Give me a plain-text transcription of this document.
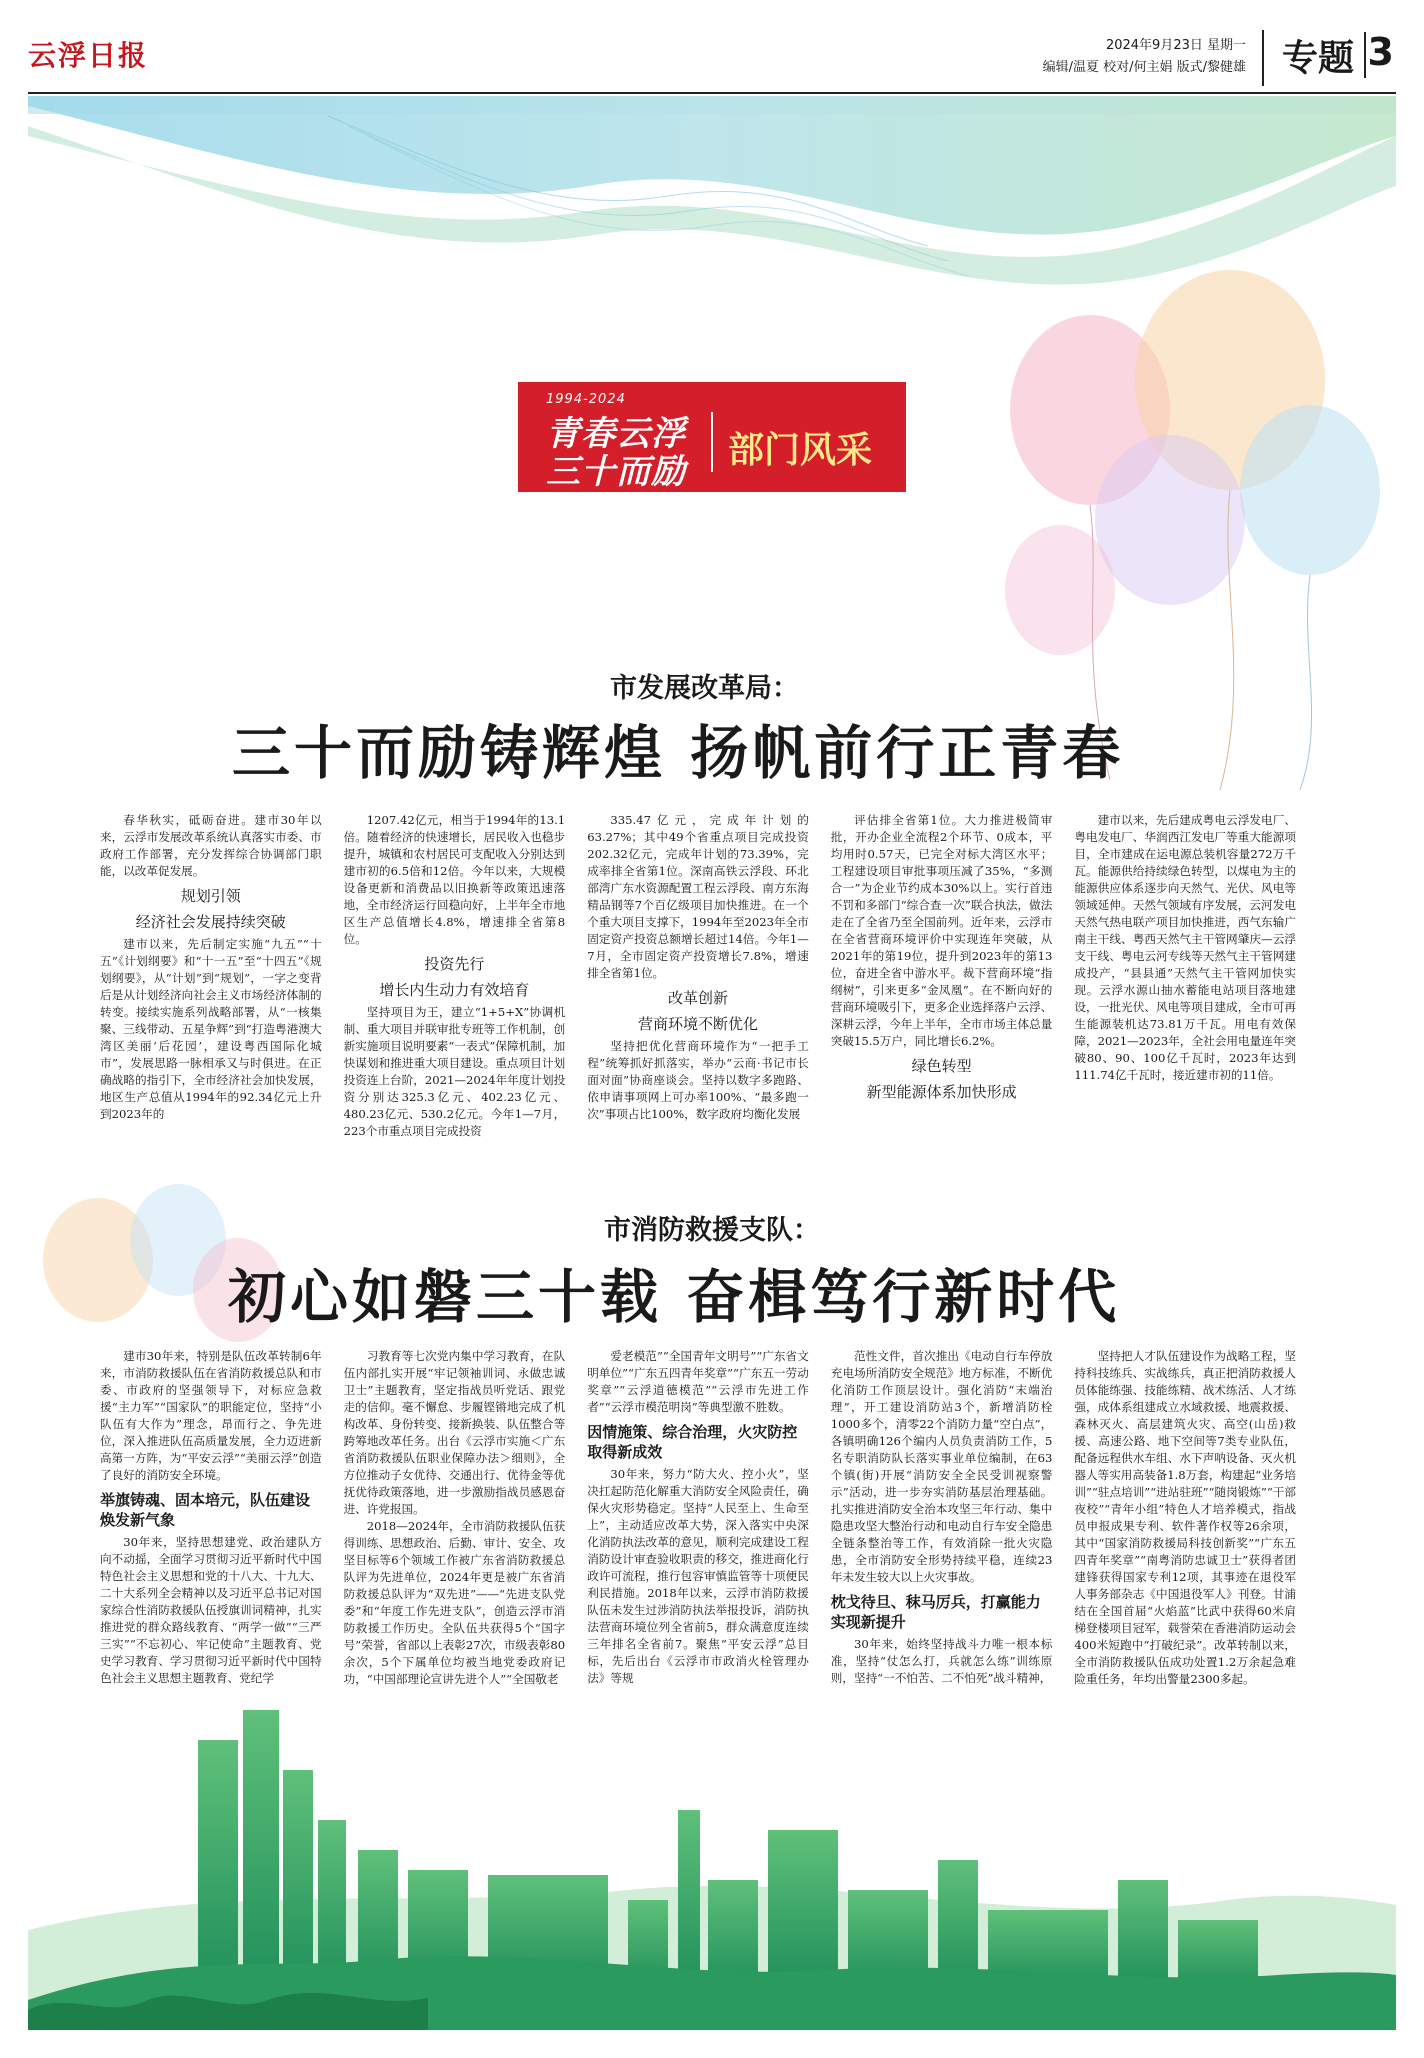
云浮日报	2024年9月23日 星期一
编辑/温夏 校对/何主娟 版式/黎健雄 专题 3
1994-2024
青春云浮
三十而励
部门风采
市发展改革局：
三十而励铸辉煌 扬帆前行正青春

春华秋实，砥砺奋进。建市30年以来，云浮市发展改革系统认真落实市委、市政府工作部署，充分发挥综合协调部门职能，以改革促发展。

规划引领
经济社会发展持续突破

建市以来，先后制定实施“九五”“十五”《计划纲要》和“十一五”至“十四五”《规划纲要》，从“计划”到“规划”，一字之变背后是从计划经济向社会主义市场经济体制的转变。接续实施系列战略部署，从“一核集聚、三线带动、五星争辉”到“打造粤港澳大湾区美丽‘后花园’，建设粤西国际化城市”，发展思路一脉相承又与时俱进。在正确战略的指引下，全市经济社会加快发展，地区生产总值从1994年的92.34亿元上升到2023年的

1207.42亿元，相当于1994年的13.1倍。随着经济的快速增长，居民收入也稳步提升，城镇和农村居民可支配收入分别达到建市初的6.5倍和12倍。今年以来，大规模设备更新和消费品以旧换新等政策迅速落地，全市经济运行回稳向好，上半年全市地区生产总值增长4.8%，增速排全省第8位。

投资先行
增长内生动力有效培育

坚持项目为王，建立“1+5+X”协调机制、重大项目并联审批专班等工作机制，创新实施项目说明要素“一表式”保障机制，加快谋划和推进重大项目建设。重点项目计划投资连上台阶，2021—2024年年度计划投资分别达325.3亿元、402.23亿元、480.23亿元、530.2亿元。今年1—7月，223个市重点项目完成投资

335.47亿元，完成年计划的63.27%；其中49个省重点项目完成投资202.32亿元，完成年计划的73.39%，完成率排全省第1位。深南高铁云浮段、环北部湾广东水资源配置工程云浮段、南方东海精品钢等7个百亿级项目加快推进。在一个个重大项目支撑下，1994年至2023年全市固定资产投资总额增长超过14倍。今年1—7月，全市固定资产投资增长7.8%，增速排全省第1位。

改革创新
营商环境不断优化

坚持把优化营商环境作为“一把手工程”统筹抓好抓落实，举办“云商·书记市长面对面”协商座谈会。坚持以数字多跑路、依申请事项网上可办率100%、“最多跑一次”事项占比100%，数字政府均衡化发展

评估排全省第1位。大力推进极简审批，开办企业全流程2个环节、0成本，平均用时0.57天，已完全对标大湾区水平；工程建设项目审批事项压减了35%，“多测合一”为企业节约成本30%以上。实行首违不罚和多部门“综合查一次”联合执法，做法走在了全省乃至全国前列。近年来，云浮市在全省营商环境评价中实现连年突破，从2021年的第19位，提升到2023年的第13位，奋进全省中游水平。裁下营商环境“指纲树”，引来更多“金凤凰”。在不断向好的营商环境吸引下，更多企业选择落户云浮、深耕云浮，今年上半年，全市市场主体总量突破15.5万户，同比增长6.2%。

绿色转型
新型能源体系加快形成

建市以来，先后建成粤电云浮发电厂、粤电发电厂、华润西江发电厂等重大能源项目，全市建成在运电源总装机容量272万千瓦。能源供给持续绿色转型，以煤电为主的能源供应体系逐步向天然气、光伏、风电等领域延伸。天然气领域有序发展，云河发电天然气热电联产项目加快推进，西气东输广南主干线、粤西天然气主干管网肇庆—云浮支干线、粤电云河专线等天然气主干管网建成投产，“县县通”天然气主干管网加快实现。云浮水源山抽水蓄能电站项目落地建设，一批光伏、风电等项目建成，全市可再生能源装机达73.81万千瓦。用电有效保障，2021—2023年，全社会用电量连年突破80、90、100亿千瓦时，2023年达到111.74亿千瓦时，接近建市初的11倍。

市消防救援支队：
初心如磐三十载 奋楫笃行新时代

建市30年来，特别是队伍改革转制6年来，市消防救援队伍在省消防救援总队和市委、市政府的坚强领导下，对标应急救援“主力军”“国家队”的职能定位，坚持“小队伍有大作为”理念，昂而行之、争先进位，深入推进队伍高质量发展，全力迈进新高第一方阵，为“平安云浮”“美丽云浮”创造了良好的消防安全环境。

举旗铸魂、固本培元，队伍建设焕发新气象

30年来，坚持思想建党、政治建队方向不动摇，全面学习贯彻习近平新时代中国特色社会主义思想和党的十八大、十九大、二十大系列全会精神以及习近平总书记对国家综合性消防救援队伍授旗训词精神，扎实推进党的群众路线教育、“两学一做”“三严三实”“不忘初心、牢记使命”主题教育、党史学习教育、学习贯彻习近平新时代中国特色社会主义思想主题教育、党纪学

习教育等七次党内集中学习教育，在队伍内部扎实开展“牢记领袖训词、永做忠诚卫士”主题教育，坚定指战员听党话、跟党走的信仰。毫不懈怠、步履铿锵地完成了机构改革、身份转变、接新换装、队伍整合等跨筹地改革任务。出台《云浮市实施＜广东省消防救援队伍职业保障办法＞细则》，全方位推动子女优待、交通出行、优待金等优抚优待政策落地，进一步激励指战员感恩奋进、许党报国。

2018—2024年，全市消防救援队伍获得训练、思想政治、后勤、审计、安全、攻坚目标等6个领域工作被广东省消防救援总队评为先进单位，2024年更是被广东省消防救援总队评为“双先进”——“先进支队党委”和“年度工作先进支队”，创造云浮市消防救援工作历史。全队伍共获得5个“国字号”荣誉，省部以上表彰27次，市级表彰80余次，5个下属单位均被当地党委政府记功，“中国部理论宣讲先进个人”“全国敬老

爱老模范”“全国青年文明号”“广东省文明单位”“广东五四青年奖章”“广东五一劳动奖章”“云浮道德模范”“云浮市先进工作者”“云浮市模范明岗”等典型激不胜数。

因情施策、综合治理，火灾防控取得新成效

30年来，努力“防大火、控小火”，坚决扛起防范化解重大消防安全风险责任，确保火灾形势稳定。坚持“人民至上、生命至上”，主动适应改革大势，深入落实中央深化消防执法改革的意见，顺利完成建设工程消防设计审查验收职责的移交，推进商化行政许可流程，推行包容审慎监管等十项便民利民措施。2018年以来，云浮市消防救援队伍未发生过涉消防执法举报投诉，消防执法营商环境位列全省前5，群众满意度连续三年排名全省前7。聚焦“平安云浮”总目标，先后出台《云浮市市政消火栓管理办法》等规

范性文件，首次推出《电动自行车停放充电场所消防安全规范》地方标准，不断优化消防工作顶层设计。强化消防“末端治理”，开工建设消防站3个，新增消防栓1000多个，清零22个消防力量“空白点”，各镇明确126个编内人员负责消防工作，5名专职消防队长落实事业单位编制，在63个镇(街)开展“消防安全全民受训视察警示”活动，进一步夯实消防基层治理基础。扎实推进消防安全治本攻坚三年行动、集中隐患攻坚大整治行动和电动自行车安全隐患全链条整治等工作，有效消除一批火灾隐患，全市消防安全形势持续平稳，连续23年未发生较大以上火灾事故。

枕戈待旦、秣马厉兵，打赢能力实现新提升

30年来，始终坚持战斗力唯一根本标准，坚持“仗怎么打，兵就怎么练”训练原则，坚持“一不怕苦、二不怕死”战斗精神，

坚持把人才队伍建设作为战略工程，坚持科技练兵、实战练兵，真正把消防救援人员体能练强、技能练精、战术练活、人才练强，成体系组建成立水域救援、地震救援、森林灭火、高层建筑火灾、高空(山岳)救援、高速公路、地下空间等7类专业队伍，配备远程供水车组、水下声呐设备、灭火机器人等实用高装备1.8万套，构建起“业务培训”“驻点培训”“进站驻班”“随岗锻炼”“干部夜校”“青年小组”特色人才培养模式，指战员申报成果专利、软件著作权等26余项，其中“国家消防救援局科技创新奖”“广东五四青年奖章”“南粤消防忠诚卫士”获得者团建锋获得国家专利12项，其事迹在退役军人事务部杂志《中国退役军人》刊登。甘浦结在全国首届“火焰蓝”比武中获得60米肩梯登楼项目冠军，载誉荣在香港消防运动会400米短跑中“打破纪录”。改革转制以来，全市消防救援队伍成功处置1.2万余起急难险重任务，年均出警量2300多起。
